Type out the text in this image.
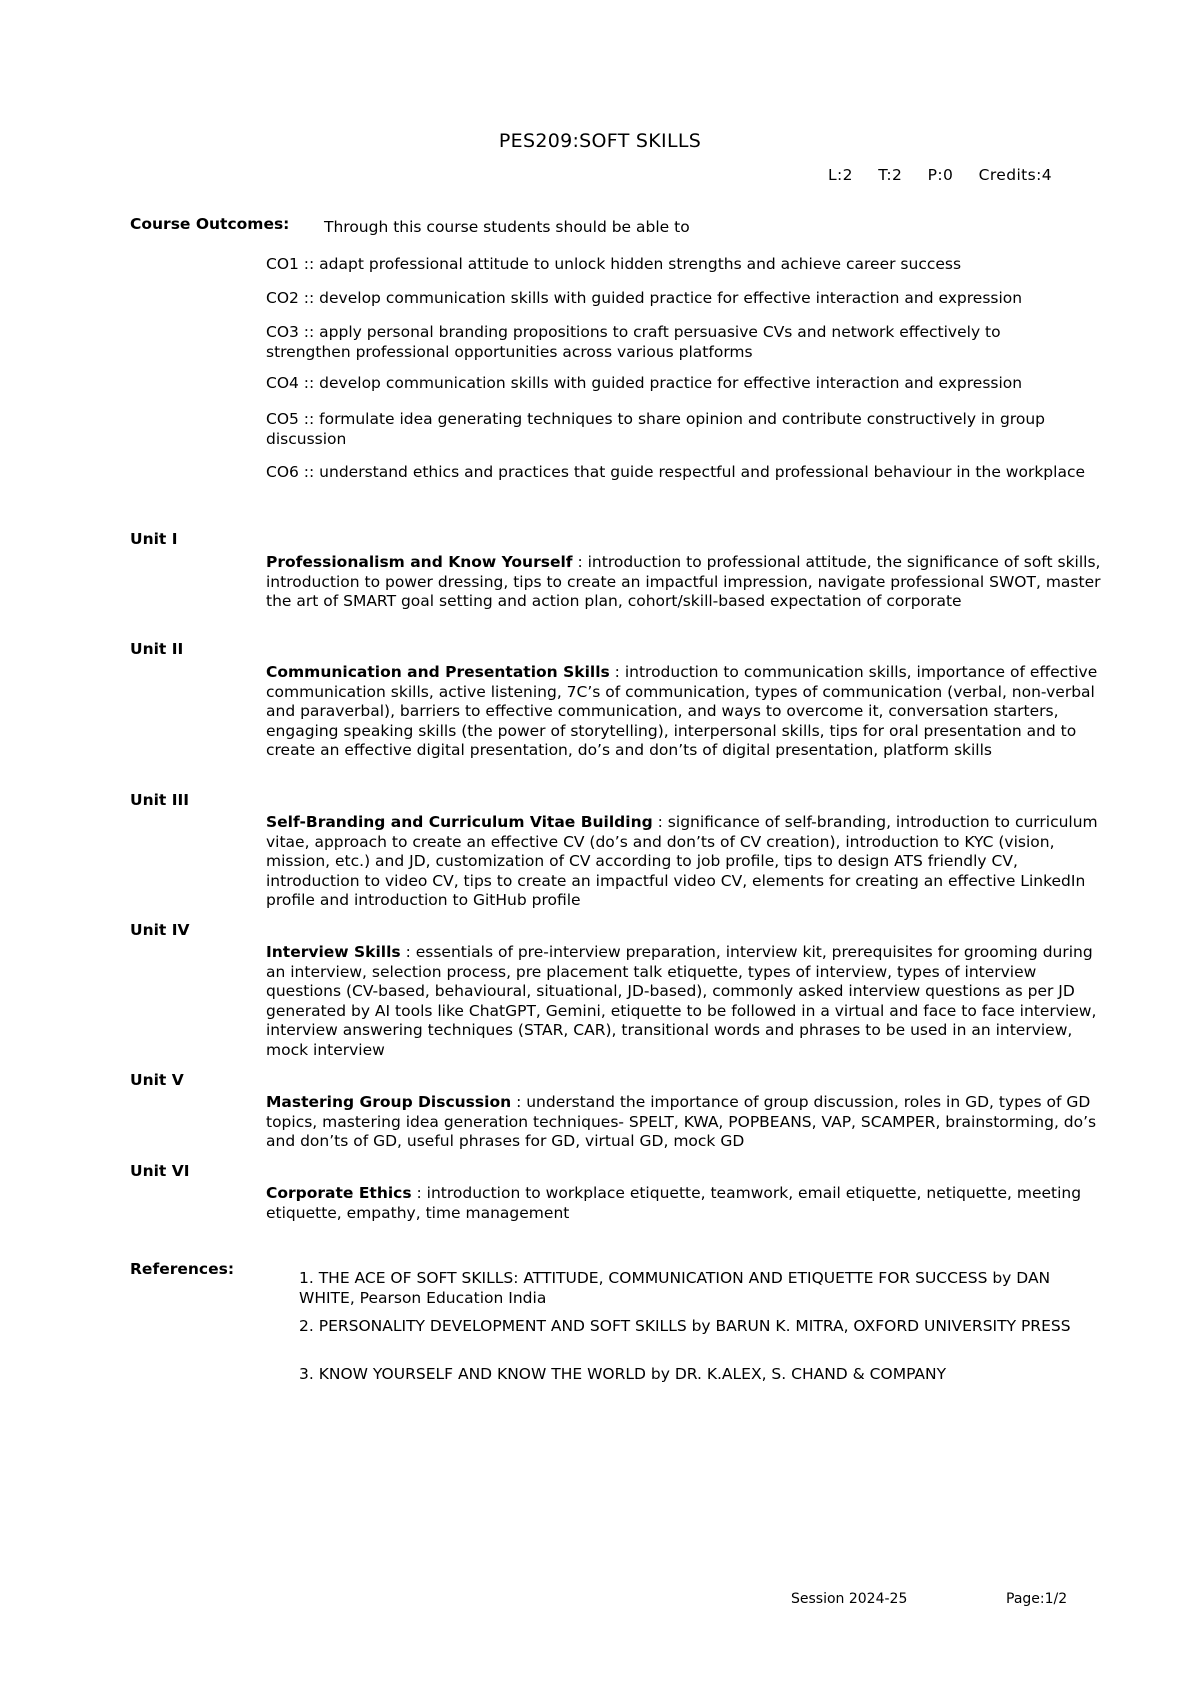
PES209:SOFT SKILLS
L:2 T:2 P:0 Credits:4
Course Outcomes: Through this course students should be able to
CO1 :: adapt professional attitude to unlock hidden strengths and achieve career success
CO2 :: develop communication skills with guided practice for effective interaction and expression
CO3 :: apply personal branding propositions to craft persuasive CVs and network effectively to strengthen professional opportunities across various platforms
CO4 :: develop communication skills with guided practice for effective interaction and expression
CO5 :: formulate idea generating techniques to share opinion and contribute constructively in group discussion
CO6 :: understand ethics and practices that guide respectful and professional behaviour in the workplace
Unit I
Professionalism and Know Yourself : introduction to professional attitude, the significance of soft skills, introduction to power dressing, tips to create an impactful impression, navigate professional SWOT, master the art of SMART goal setting and action plan, cohort/skill-based expectation of corporate
Unit II
Communication and Presentation Skills : introduction to communication skills, importance of effective communication skills, active listening, 7C’s of communication, types of communication (verbal, non-verbal and paraverbal), barriers to effective communication, and ways to overcome it, conversation starters, engaging speaking skills (the power of storytelling), interpersonal skills, tips for oral presentation and to create an effective digital presentation, do’s and don’ts of digital presentation, platform skills
Unit III
Self-Branding and Curriculum Vitae Building : significance of self-branding, introduction to curriculum vitae, approach to create an effective CV (do’s and don’ts of CV creation), introduction to KYC (vision, mission, etc.) and JD, customization of CV according to job profile, tips to design ATS friendly CV, introduction to video CV, tips to create an impactful video CV, elements for creating an effective LinkedIn profile and introduction to GitHub profile
Unit IV
Interview Skills : essentials of pre-interview preparation, interview kit, prerequisites for grooming during an interview, selection process, pre placement talk etiquette, types of interview, types of interview questions (CV-based, behavioural, situational, JD-based), commonly asked interview questions as per JD generated by AI tools like ChatGPT, Gemini, etiquette to be followed in a virtual and face to face interview, interview answering techniques (STAR, CAR), transitional words and phrases to be used in an interview, mock interview
Unit V
Mastering Group Discussion : understand the importance of group discussion, roles in GD, types of GD topics, mastering idea generation techniques- SPELT, KWA, POPBEANS, VAP, SCAMPER, brainstorming, do’s and don’ts of GD, useful phrases for GD, virtual GD, mock GD
Unit VI
Corporate Ethics : introduction to workplace etiquette, teamwork, email etiquette, netiquette, meeting etiquette, empathy, time management
References:	1. THE ACE OF SOFT SKILLS: ATTITUDE, COMMUNICATION AND ETIQUETTE FOR SUCCESS by DAN WHITE, Pearson Education India
2. PERSONALITY DEVELOPMENT AND SOFT SKILLS by BARUN K. MITRA, OXFORD UNIVERSITY PRESS
3. KNOW YOURSELF AND KNOW THE WORLD by DR. K.ALEX, S. CHAND & COMPANY
Session 2024-25	Page:1/2
